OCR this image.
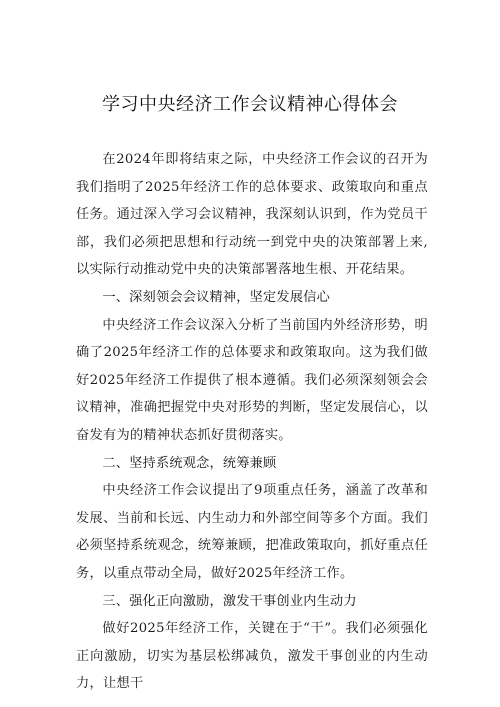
学习中央经济工作会议精神心得体会

在2024年即将结束之际，中央经济工作会议的召开为我们指明了2025年经济工作的总体要求、政策取向和重点任务。通过深入学习会议精神，我深刻认识到，作为党员干部，我们必须把思想和行动统一到党中央的决策部署上来,以实际行动推动党中央的决策部署落地生根、开花结果。

一、深刻领会会议精神，坚定发展信心

中央经济工作会议深入分析了当前国内外经济形势，明确了2025年经济工作的总体要求和政策取向。这为我们做好2025年经济工作提供了根本遵循。我们必须深刻领会会议精神，准确把握党中央对形势的判断，坚定发展信心，以奋发有为的精神状态抓好贯彻落实。

二、坚持系统观念，统筹兼顾

中央经济工作会议提出了9项重点任务，涵盖了改革和发展、当前和长远、内生动力和外部空间等多个方面。我们必须坚持系统观念，统筹兼顾，把准政策取向，抓好重点任务，以重点带动全局，做好2025年经济工作。

三、强化正向激励，激发干事创业内生动力

做好2025年经济工作，关键在于“干”。我们必须强化正向激励，切实为基层松绑减负，激发干事创业的内生动力，让想干
